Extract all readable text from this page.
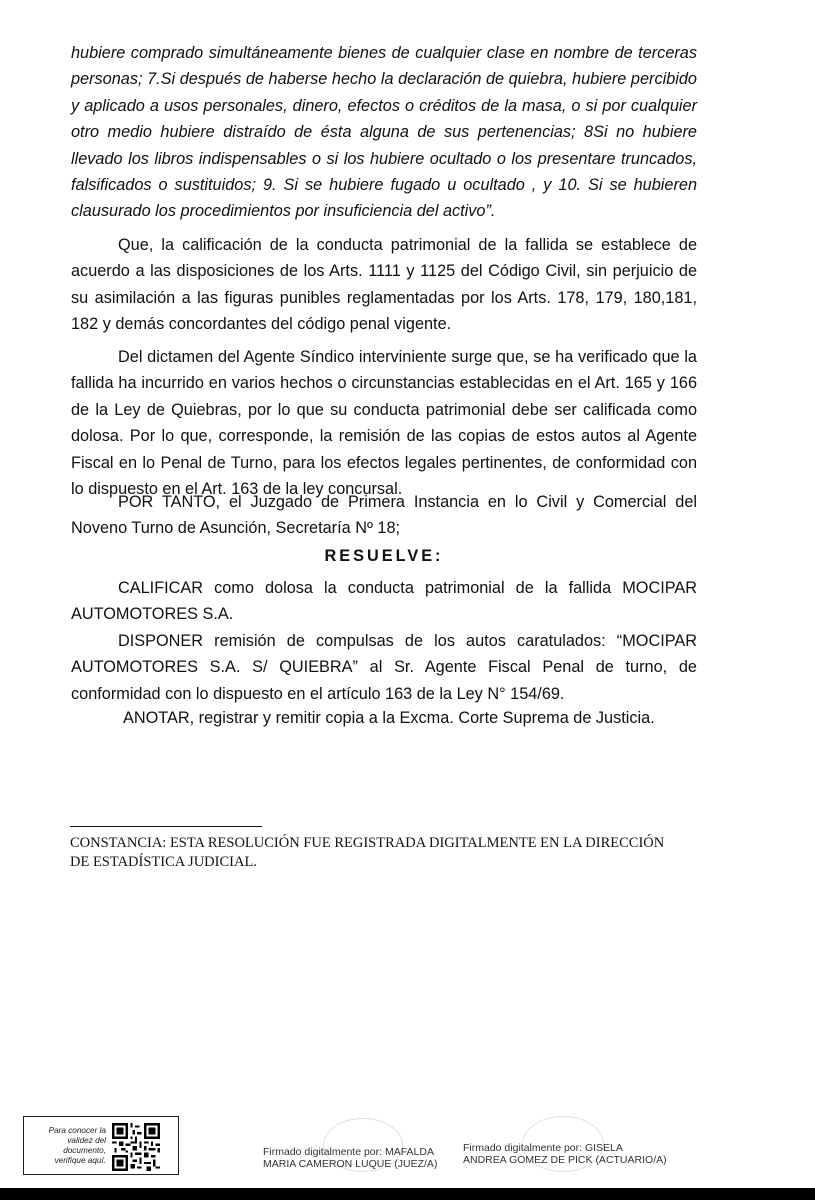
hubiere comprado simultáneamente bienes de cualquier clase en nombre de terceras personas; 7.Si después de haberse hecho la declaración de quiebra, hubiere percibido y aplicado a usos personales, dinero, efectos o créditos de la masa, o si por cualquier otro medio hubiere distraído de ésta alguna de sus pertenencias; 8Si no hubiere llevado los libros indispensables o si los hubiere ocultado o los presentare truncados, falsificados o sustituidos; 9. Si se hubiere fugado u ocultado , y 10. Si se hubieren clausurado los procedimientos por insuficiencia del activo”.

Que, la calificación de la conducta patrimonial de la fallida se establece de acuerdo a las disposiciones de los Arts. 1111 y 1125 del Código Civil, sin perjuicio de su asimilación a las figuras punibles reglamentadas por los Arts. 178, 179, 180,181, 182 y demás concordantes del código penal vigente.

Del dictamen del Agente Síndico interviniente surge que, se ha verificado que la fallida ha incurrido en varios hechos o circunstancias establecidas en el Art. 165 y 166 de la Ley de Quiebras, por lo que su conducta patrimonial debe ser calificada como dolosa. Por lo que, corresponde, la remisión de las copias de estos autos al Agente Fiscal en lo Penal de Turno, para los efectos legales pertinentes, de conformidad con lo dispuesto en el Art. 163 de la ley concursal.

POR TANTO, el Juzgado de Primera Instancia en lo Civil y Comercial del Noveno Turno de Asunción, Secretaría Nº 18;

RESUELVE:

CALIFICAR como dolosa la conducta patrimonial de la fallida MOCIPAR AUTOMOTORES S.A.

DISPONER remisión de compulsas de los autos caratulados: “MOCIPAR AUTOMOTORES S.A. S/ QUIEBRA” al Sr. Agente Fiscal Penal de turno, de conformidad con lo dispuesto en el artículo 163 de la Ley N° 154/69.

ANOTAR, registrar y remitir copia a la Excma. Corte Suprema de Justicia.

CONSTANCIA: ESTA RESOLUCIÓN FUE REGISTRADA DIGITALMENTE EN LA DIRECCIÓN DE ESTADÍSTICA JUDICIAL.
Para conocer la
validez del
documento,
verifique aquí.
Firmado digitalmente por: MAFALDA
MARIA CAMERON LUQUE (JUEZ/A)
Firmado digitalmente por: GISELA
ANDREA GOMEZ DE PICK (ACTUARIO/A)
